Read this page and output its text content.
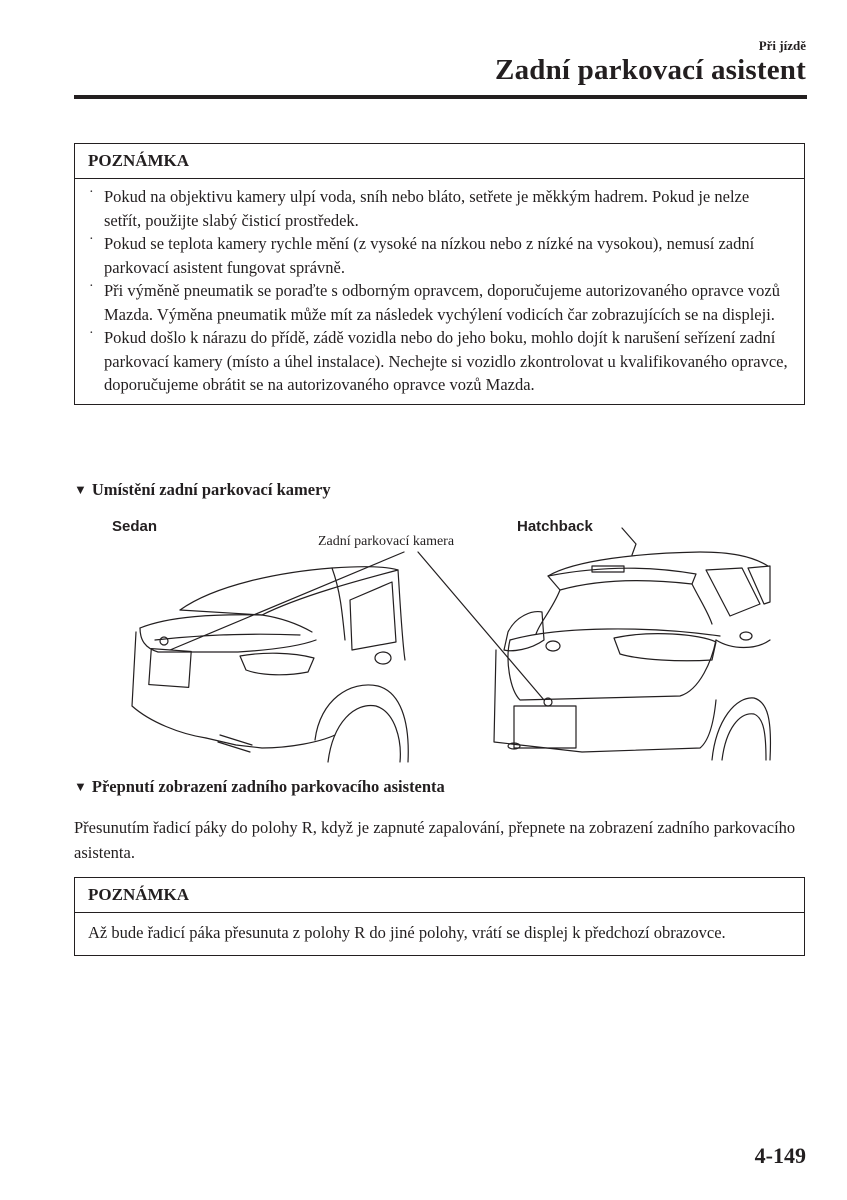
Při jízdě
Zadní parkovací asistent
POZNÁMKA
· Pokud na objektivu kamery ulpí voda, sníh nebo bláto, setřete je měkkým hadrem. Pokud je nelze setřít, použijte slabý čisticí prostředek.
· Pokud se teplota kamery rychle mění (z vysoké na nízkou nebo z nízké na vysokou), nemusí zadní parkovací asistent fungovat správně.
· Při výměně pneumatik se poraďte s odborným opravcem, doporučujeme autorizovaného opravce vozů Mazda. Výměna pneumatik může mít za následek vychýlení vodicích čar zobrazujících se na displeji.
· Pokud došlo k nárazu do přídě, zádě vozidla nebo do jeho boku, mohlo dojít k narušení seřízení zadní parkovací kamery (místo a úhel instalace). Nechejte si vozidlo zkontrolovat u kvalifikovaného opravce, doporučujeme obrátit se na autorizovaného opravce vozů Mazda.
▼ Umístění zadní parkovací kamery
Sedan	Hatchback
Zadní parkovací kamera
▼ Přepnutí zobrazení zadního parkovacího asistenta
Přesunutím řadicí páky do polohy R, když je zapnuté zapalování, přepnete na zobrazení zadního parkovacího asistenta.
POZNÁMKA
Až bude řadicí páka přesunuta z polohy R do jiné polohy, vrátí se displej k předchozí obrazovce.
4-149
